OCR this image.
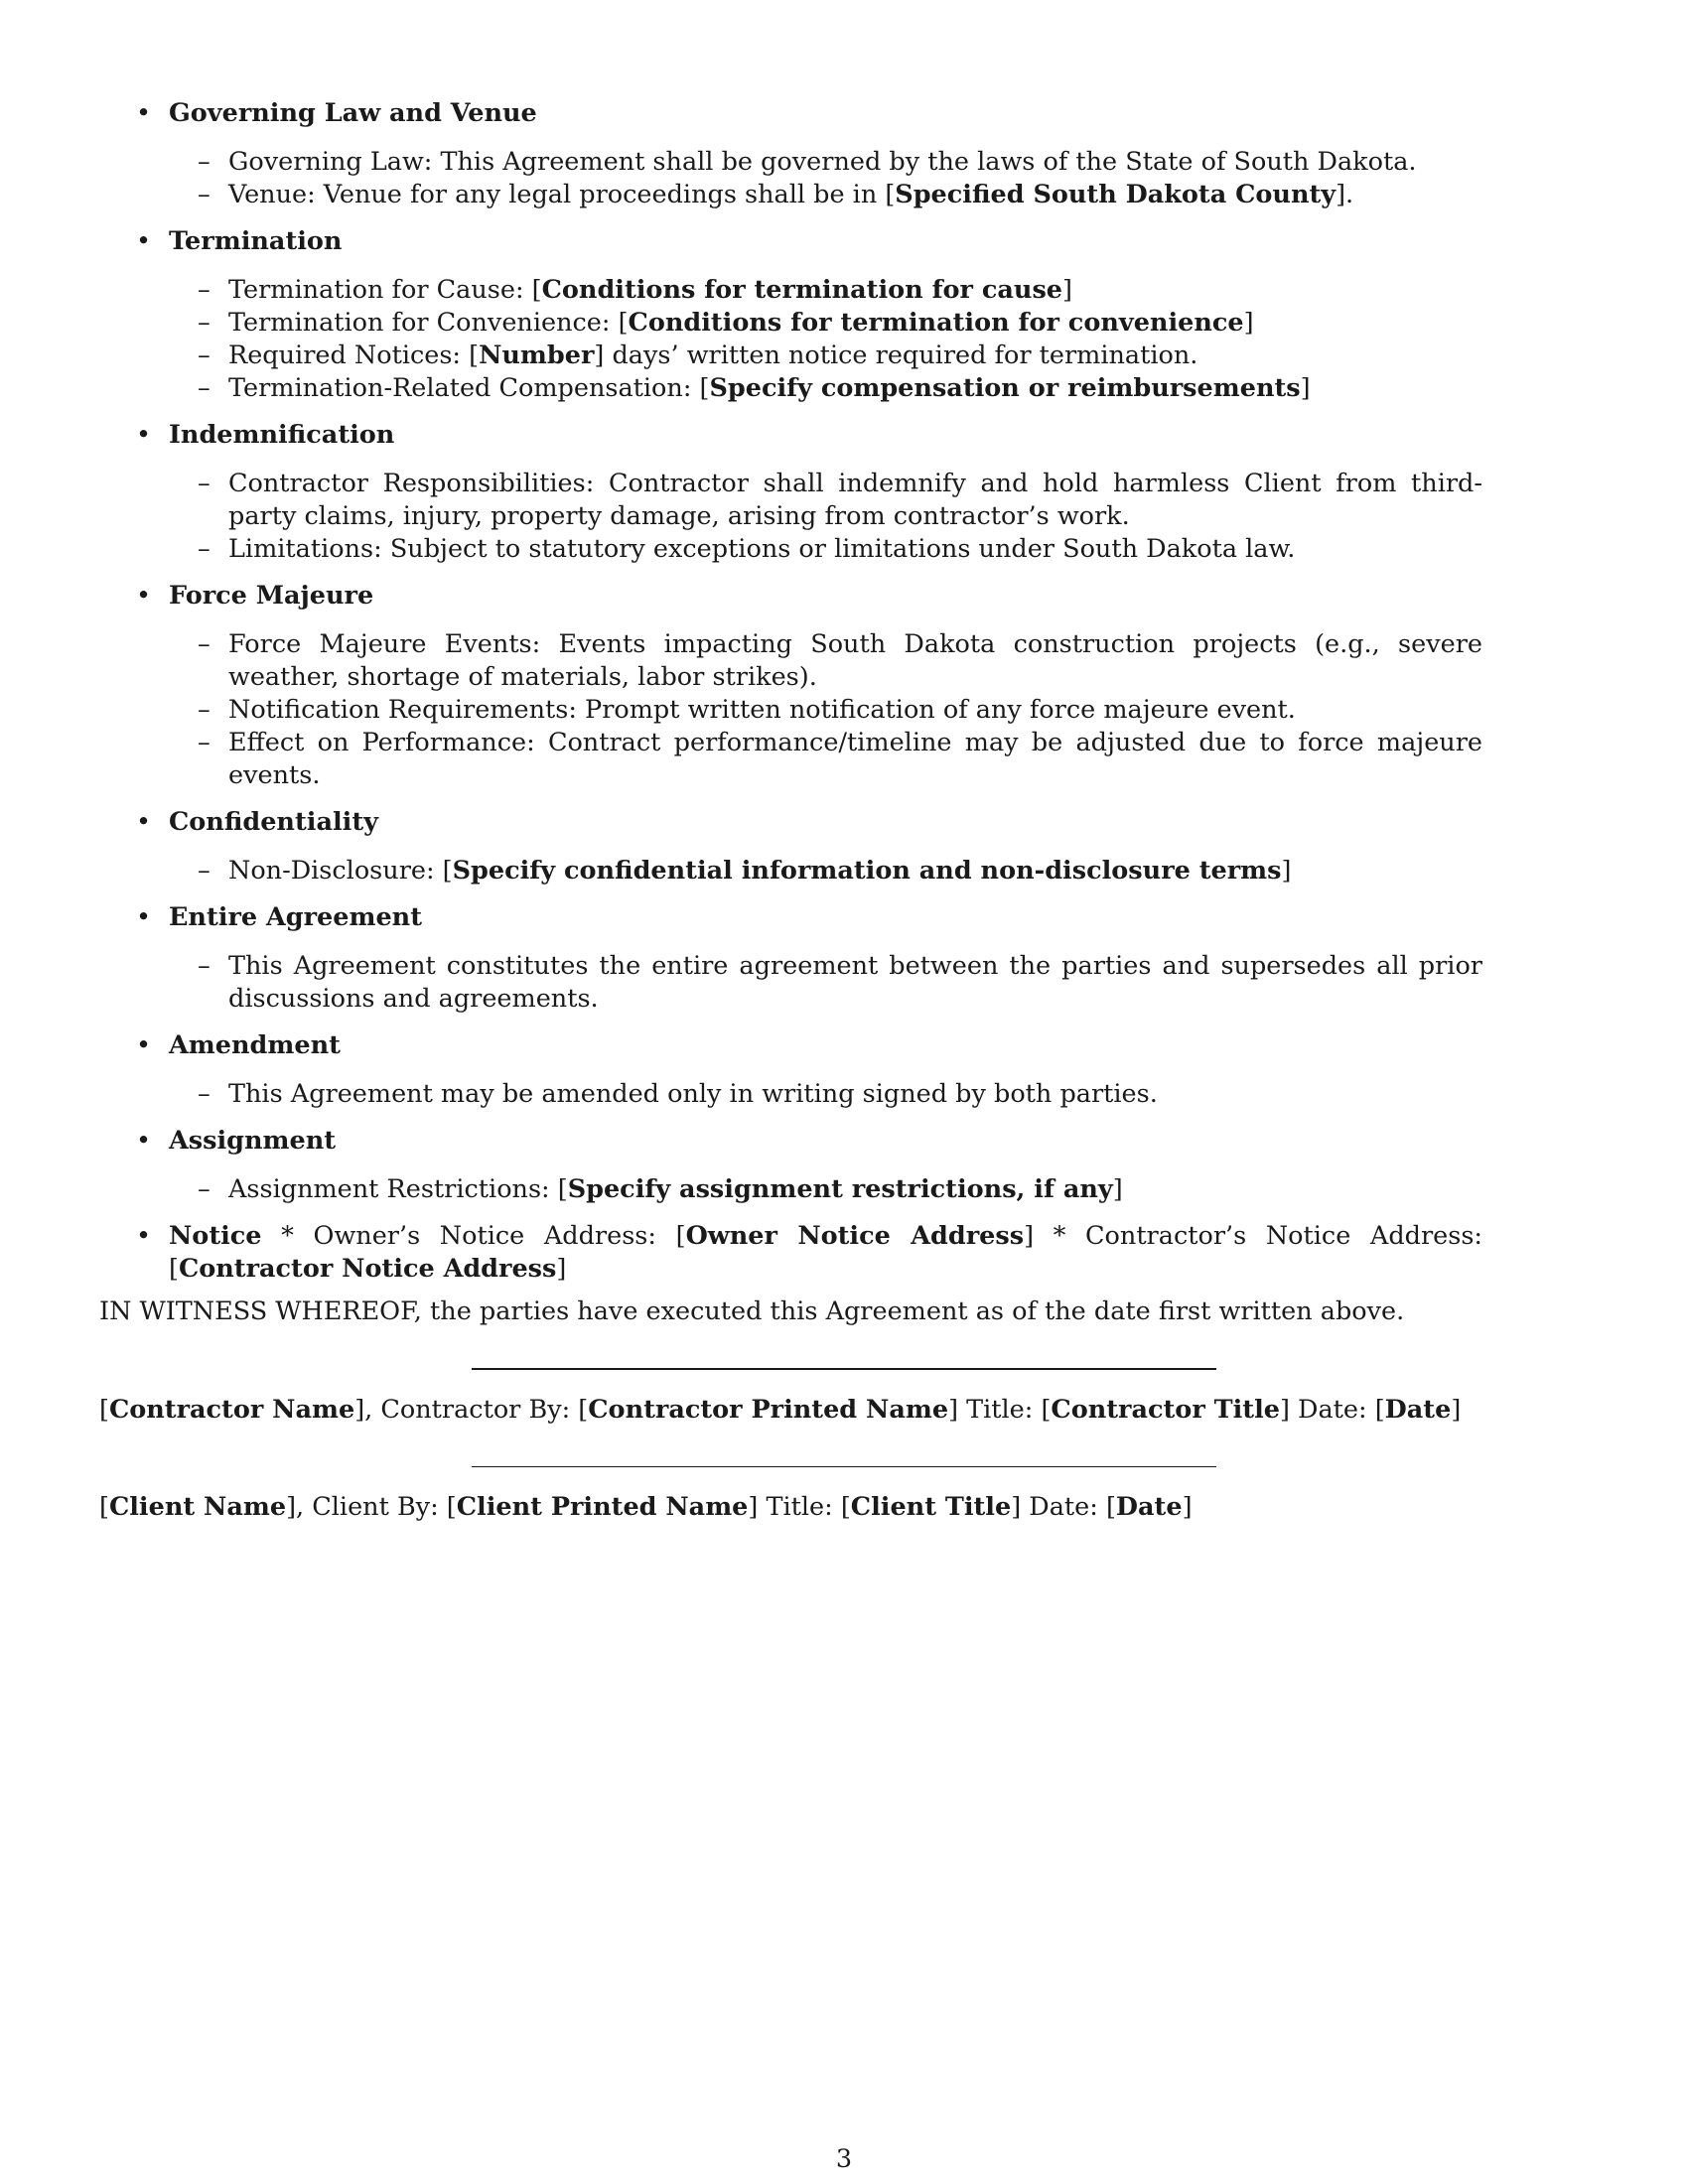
• Governing Law and Venue
– Governing Law: This Agreement shall be governed by the laws of the State of South Dakota.
– Venue: Venue for any legal proceedings shall be in [Specified South Dakota County].
• Termination
– Termination for Cause: [Conditions for termination for cause]
– Termination for Convenience: [Conditions for termination for convenience]
– Required Notices: [Number] days’ written notice required for termination.
– Termination-Related Compensation: [Specify compensation or reimbursements]
• Indemnification
– Contractor Responsibilities: Contractor shall indemnify and hold harmless Client from third-party claims, injury, property damage, arising from contractor’s work.
– Limitations: Subject to statutory exceptions or limitations under South Dakota law.
• Force Majeure
– Force Majeure Events: Events impacting South Dakota construction projects (e.g., severe weather, shortage of materials, labor strikes).
– Notification Requirements: Prompt written notification of any force majeure event.
– Effect on Performance: Contract performance/timeline may be adjusted due to force majeure events.
• Confidentiality
– Non-Disclosure: [Specify confidential information and non-disclosure terms]
• Entire Agreement
– This Agreement constitutes the entire agreement between the parties and supersedes all prior discussions and agreements.
• Amendment
– This Agreement may be amended only in writing signed by both parties.
• Assignment
– Assignment Restrictions: [Specify assignment restrictions, if any]
• Notice * Owner’s Notice Address: [Owner Notice Address] * Contractor’s Notice Address: [Contractor Notice Address]
IN WITNESS WHEREOF, the parties have executed this Agreement as of the date first written above.
[Contractor Name], Contractor By: [Contractor Printed Name] Title: [Contractor Title] Date: [Date]
[Client Name], Client By: [Client Printed Name] Title: [Client Title] Date: [Date]
3
